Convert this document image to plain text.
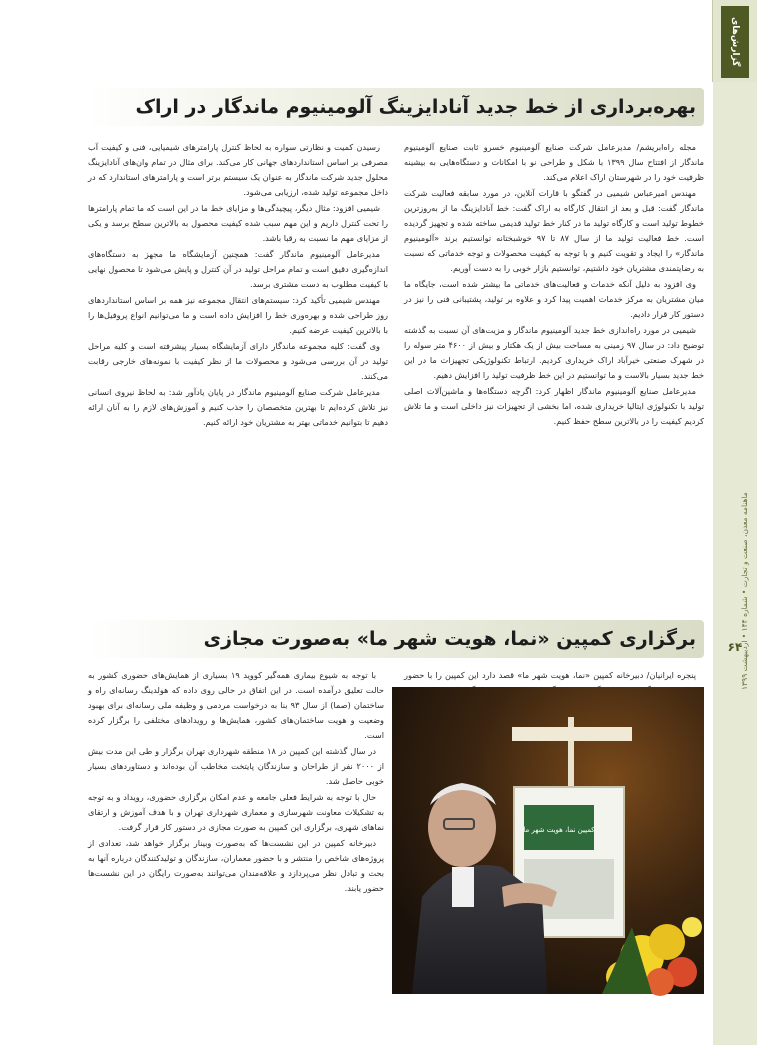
گزارش‌های ویژه
ماهنامه معدن، صنعت و تجارت • شماره ۱۴۴ • اردیبهشت ۱۳۹۹
۶۴
بهره‌برداری از خط جدید آنادایزینگ آلومینیوم ماندگار در اراک

مجله راه‌ابریشم/ مدیرعامل شرکت صنایع آلومینیوم خسرو ثابت صنایع آلومینیوم ماندگار از افتتاح سال ۱۳۹۹ با شکل و طراحی نو با امکانات و دستگاه‌هایی به بیشینه ظرفیت خود را در شهرستان اراک اعلام می‌کند.

مهندس امیرعباس شیمیی در گفتگو با قارات آنلاین، در مورد سابقه فعالیت شرکت ماندگار گفت: قبل و بعد از انتقال کارگاه به اراک گفت: خط آنادایزینگ ما از به‌روزترین خطوط تولید است و کارگاه تولید ما در کنار خط تولید قدیمی ساخته شده و تجهیز گردیده است. خط فعالیت تولید ما از سال ۸۷ تا ۹۷ خوشبختانه توانستیم برند «آلومینیوم ماندگار» را ایجاد و تقویت کنیم و با توجه به کیفیت محصولات و توجه خدماتی که نسبت به رضایتمندی مشتریان خود داشتیم، توانستیم بازار خوبی را به دست آوریم.

وی افزود به دلیل آنکه خدمات و فعالیت‌های خدماتی ما بیشتر شده است، جایگاه ما میان مشتریان به مرکز خدمات اهمیت پیدا کرد و علاوه بر تولید، پشتیبانی فنی را نیز در دستور کار قرار دادیم.

شیمیی در مورد راه‌اندازی خط جدید آلومینیوم ماندگار و مزیت‌های آن نسبت به گذشته توضیح داد: در سال ۹۷ زمینی به مساحت بیش از یک هکتار و بیش از ۴۶۰۰ متر سوله را در شهرک صنعتی خیرآباد اراک خریداری کردیم. ارتباط تکنولوژیکی تجهیزات ما در این خط جدید بسیار بالاست و ما توانستیم در این خط ظرفیت تولید را افزایش دهیم.

مدیرعامل صنایع آلومینیوم ماندگار اظهار کرد: اگرچه دستگاه‌ها و ماشین‌آلات اصلی تولید با تکنولوژی ایتالیا خریداری شده، اما بخشی از تجهیزات نیز داخلی است و ما تلاش کردیم کیفیت را در بالاترین سطح حفظ کنیم.

رسیدن کمیت و نظارتی سواره به لحاظ کنترل پارامترهای شیمیایی، فنی و کیفیت آب مصرفی بر اساس استانداردهای جهانی کار می‌کند. برای مثال در تمام وان‌های آنادایزینگ محلول جدید شرکت ماندگار به عنوان یک سیستم برتر است و پارامترهای استاندارد که در داخل مجموعه تولید شده، ارزیابی می‌شود.

شیمیی افزود: مثال دیگر، پیچیدگی‌ها و مزایای خط ما در این است که ما تمام پارامترها را تحت کنترل داریم و این مهم سبب شده کیفیت محصول به بالاترین سطح برسد و یکی از مزایای مهم ما نسبت به رقبا باشد.

مدیرعامل آلومینیوم ماندگار گفت: همچنین آزمایشگاه ما مجهز به دستگاه‌های اندازه‌گیری دقیق است و تمام مراحل تولید در آن کنترل و پایش می‌شود تا محصول نهایی با کیفیت مطلوب به دست مشتری برسد.

مهندس شیمیی تأکید کرد: سیستم‌های انتقال مجموعه نیز همه بر اساس استانداردهای روز طراحی شده و بهره‌وری خط را افزایش داده است و ما می‌توانیم انواع پروفیل‌ها را با بالاترین کیفیت عرضه کنیم.

وی گفت: کلیه مجموعه ماندگار دارای آزمایشگاه بسیار پیشرفته است و کلیه مراحل تولید در آن بررسی می‌شود و محصولات ما از نظر کیفیت با نمونه‌های خارجی رقابت می‌کنند.

مدیرعامل شرکت صنایع آلومینیوم ماندگار در پایان یادآور شد: به لحاظ نیروی انسانی نیز تلاش کرده‌ایم تا بهترین متخصصان را جذب کنیم و آموزش‌های لازم را به آنان ارائه دهیم تا بتوانیم خدماتی بهتر به مشتریان خود ارائه کنیم.

برگزاری کمپین «نما، هویت شهر ما» به‌صورت مجازی

پنجره ایرانیان/ دبیرخانه کمپین «نما، هویت شهر ما» قصد دارد این کمپین را با حضور

با توجه به شیوع بیماری همه‌گیر کووید ۱۹ بسیاری از همایش‌های حضوری کشور به حالت تعلیق درآمده است. در این اتفاق در حالی روی داده که هولدینگ رسانه‌ای راه و ساختمان (صما) از سال ۹۳ بنا به درخواست مردمی و وظیفه ملی رسانه‌ای برای بهبود وضعیت و هویت ساختمان‌های کشور، همایش‌ها و رویدادهای مختلفی را برگزار کرده است.

در سال گذشته این کمپین در ۱۸ منطقه شهرداری تهران برگزار و طی این مدت بیش از ۲۰۰۰ نفر از طراحان و سازندگان پایتخت مخاطب آن بوده‌اند و دستاوردهای بسیار خوبی حاصل شد.

حال با توجه به شرایط فعلی جامعه و عدم امکان برگزاری حضوری، رویداد و به توجه به تشکیلات معاونت شهرسازی و معماری شهرداری تهران و با هدف آموزش و ارتقای نماهای شهری، برگزاری این کمپین به صورت مجازی در دستور کار قرار گرفت.

دبیرخانه کمپین در این نشست‌ها که به‌صورت وبینار برگزار خواهد شد، تعدادی از پروژه‌های شاخص را منتشر و با حضور معماران، سازندگان و تولیدکنندگان درباره آنها به بحث و تبادل نظر می‌پردازد و علاقه‌مندان می‌توانند به‌صورت رایگان در این نشست‌ها حضور یابند.

کمپین نما، هویت شهر ما
